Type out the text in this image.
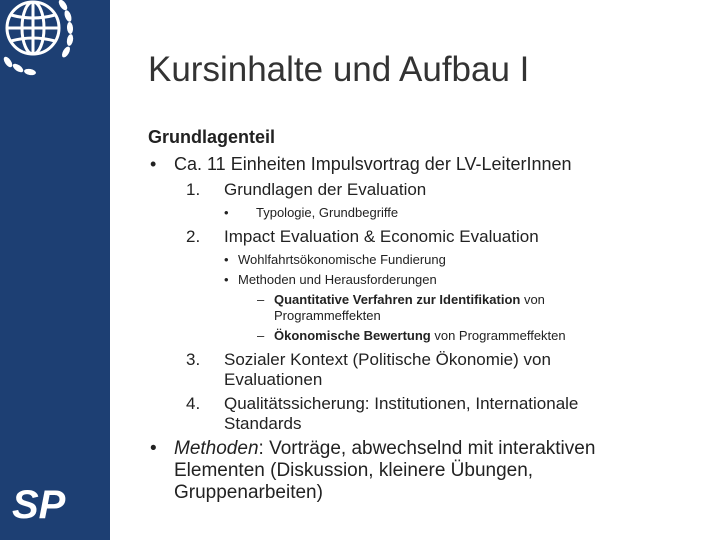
SP
Kursinhalte und Aufbau I
Grundlagenteil
• Ca. 11 Einheiten Impulsvortrag der LV-LeiterInnen
1. Grundlagen der Evaluation
• Typologie, Grundbegriffe
2. Impact Evaluation & Economic Evaluation
• Wohlfahrtsökonomische Fundierung
• Methoden und Herausforderungen
– Quantitative Verfahren zur Identifikation von
Programmeffekten
– Ökonomische Bewertung von Programmeffekten
3. Sozialer Kontext (Politische Ökonomie) von
Evaluationen
4. Qualitätssicherung: Institutionen, Internationale
Standards
• Methoden: Vorträge, abwechselnd mit interaktiven
Elementen (Diskussion, kleinere Übungen,
Gruppenarbeiten)
